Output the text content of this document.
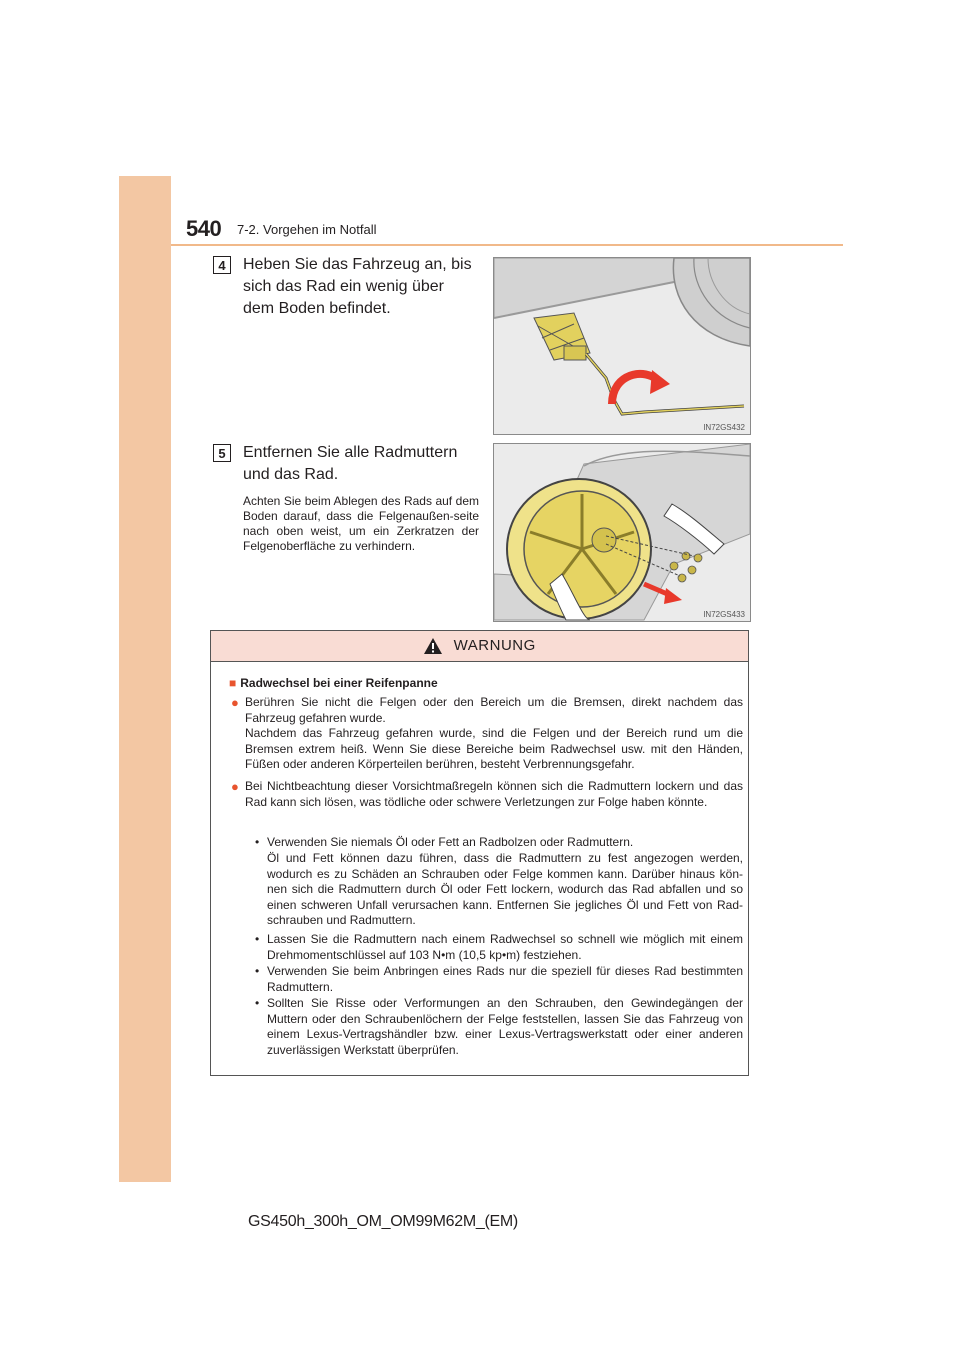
540 7-2. Vorgehen im Notfall
4	Heben Sie das Fahrzeug an, bis sich das Rad ein wenig über dem Boden befindet.
IN72GS432
5	Entfernen Sie alle Radmuttern und das Rad.
Achten Sie beim Ablegen des Rads auf dem Boden darauf, dass die Felgenaußen-seite nach oben weist, um ein Zerkratzen der Felgenoberfläche zu verhindern.
IN72GS433
WARNUNG
■ Radwechsel bei einer Reifenpanne
● Berühren Sie nicht die Felgen oder den Bereich um die Bremsen, direkt nachdem das Fahrzeug gefahren wurde.
Nachdem das Fahrzeug gefahren wurde, sind die Felgen und der Bereich rund um die Bremsen extrem heiß. Wenn Sie diese Bereiche beim Radwechsel usw. mit den Händen, Füßen oder anderen Körperteilen berühren, besteht Verbrennungsgefahr.
● Bei Nichtbeachtung dieser Vorsichtmaßregeln können sich die Radmuttern lockern und das Rad kann sich lösen, was tödliche oder schwere Verletzungen zur Folge haben könnte.
• Verwenden Sie niemals Öl oder Fett an Radbolzen oder Radmuttern.
Öl und Fett können dazu führen, dass die Radmuttern zu fest angezogen werden, wodurch es zu Schäden an Schrauben oder Felge kommen kann. Darüber hinaus kön-nen sich die Radmuttern durch Öl oder Fett lockern, wodurch das Rad abfallen und so einen schweren Unfall verursachen kann. Entfernen Sie jegliches Öl und Fett von Rad-schrauben und Radmuttern.
• Lassen Sie die Radmuttern nach einem Radwechsel so schnell wie möglich mit einem Drehmomentschlüssel auf 103 N•m (10,5 kp•m) festziehen.
• Verwenden Sie beim Anbringen eines Rads nur die speziell für dieses Rad bestimmten Radmuttern.
• Sollten Sie Risse oder Verformungen an den Schrauben, den Gewindegängen der Muttern oder den Schraubenlöchern der Felge feststellen, lassen Sie das Fahrzeug von einem Lexus-Vertragshändler bzw. einer Lexus-Vertragswerkstatt oder einer anderen zuverlässigen Werkstatt überprüfen.
GS450h_300h_OM_OM99M62M_(EM)
